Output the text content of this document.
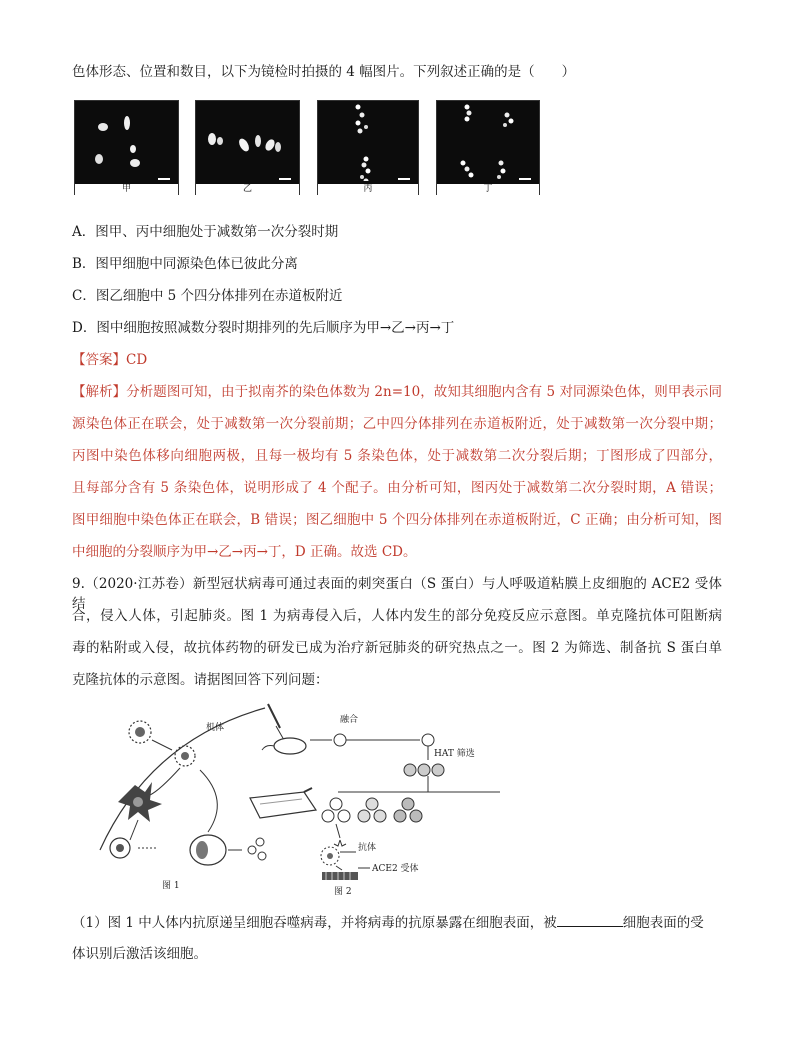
色体形态、位置和数目，以下为镜检时拍摄的 4 幅图片。下列叙述正确的是（　　）
甲	乙	丙	丁
A．图甲、丙中细胞处于减数第一次分裂时期
B．图甲细胞中同源染色体已彼此分离
C．图乙细胞中 5 个四分体排列在赤道板附近
D．图中细胞按照减数分裂时期排列的先后顺序为甲→乙→丙→丁
【答案】CD
【解析】分析题图可知，由于拟南芥的染色体数为 2n=10，故知其细胞内含有 5 对同源染色体，则甲表示同
源染色体正在联会，处于减数第一次分裂前期；乙中四分体排列在赤道板附近，处于减数第一次分裂中期；
丙图中染色体移向细胞两极，且每一极均有 5 条染色体，处于减数第二次分裂后期；丁图形成了四部分，
且每部分含有 5 条染色体，说明形成了 4 个配子。由分析可知，图丙处于减数第二次分裂时期，A 错误；
图甲细胞中染色体正在联会，B 错误；图乙细胞中 5 个四分体排列在赤道板附近，C 正确；由分析可知，图
中细胞的分裂顺序为甲→乙→丙→丁，D 正确。故选 CD。
9.（2020·江苏卷）新型冠状病毒可通过表面的刺突蛋白（S 蛋白）与人呼吸道粘膜上皮细胞的 ACE2 受体结
合，侵入人体，引起肺炎。图 1 为病毒侵入后，人体内发生的部分免疫反应示意图。单克隆抗体可阻断病
毒的粘附或入侵，故抗体药物的研发已成为治疗新冠肺炎的研究热点之一。图 2 为筛选、制备抗 S 蛋白单
克隆抗体的示意图。请据图回答下列问题：
机体
图 1
融合
HAT 筛选
抗体
ACE2 受体
图 2
（1）图 1 中人体内抗原递呈细胞吞噬病毒，并将病毒的抗原暴露在细胞表面，被	细胞表面的受
体识别后激活该细胞。
